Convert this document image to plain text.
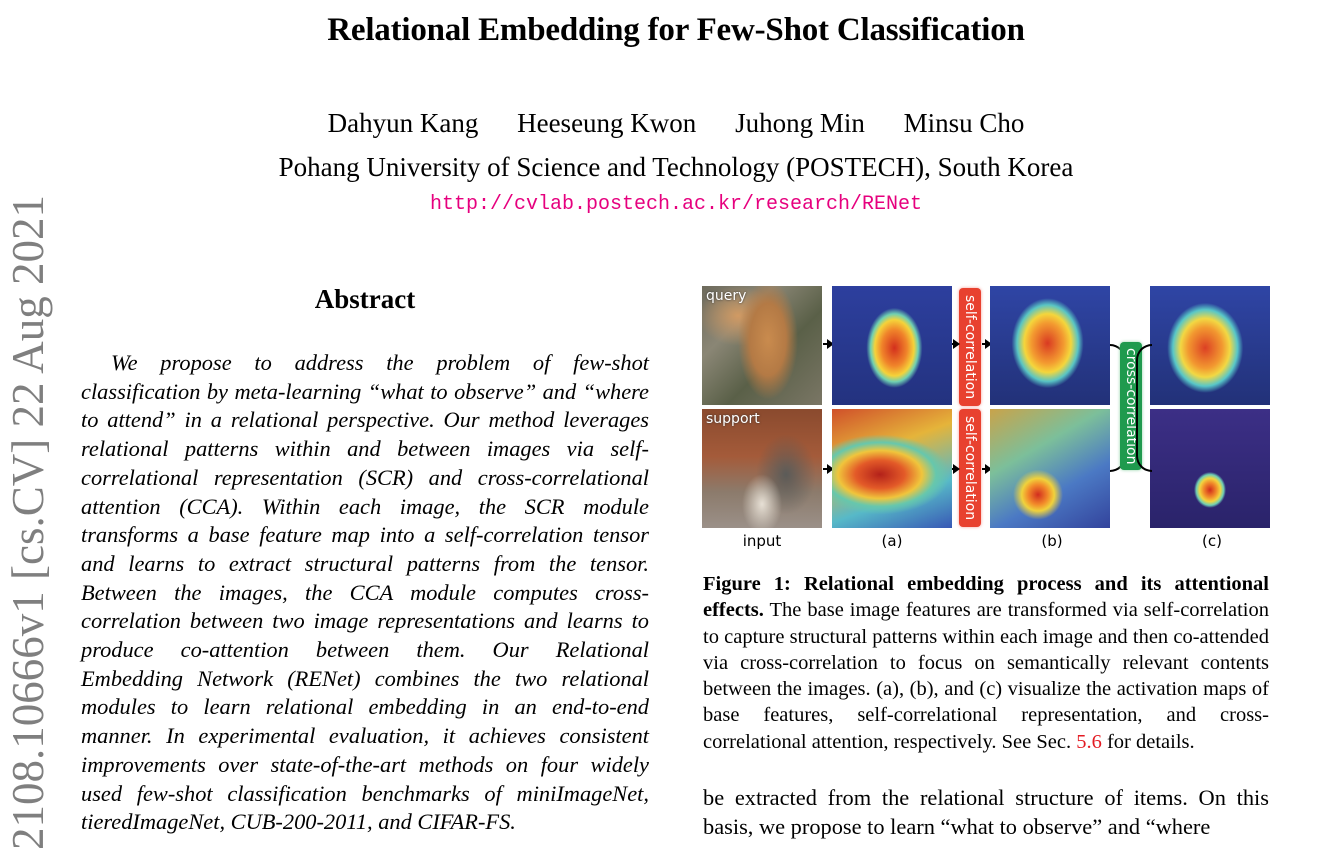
Relational Embedding for Few-Shot Classification
Dahyun Kang Heeseung Kwon Juhong Min Minsu Cho
Pohang University of Science and Technology (POSTECH), South Korea
http://cvlab.postech.ac.kr/research/RENet
2108.10666v1 [cs.CV] 22 Aug 2021	Abstract
We propose to address the problem of few-shot classification by meta-learning “what to observe” and “where to attend” in a relational perspective. Our method leverages relational patterns within and between images via self-correlational representation (SCR) and cross-correlational attention (CCA). Within each image, the SCR module transforms a base feature map into a self-correlation tensor and learns to extract structural patterns from the tensor. Between the images, the CCA module computes cross-correlation between two image representations and learns to produce co-attention between them. Our Relational Embedding Network (RENet) combines the two relational modules to learn relational embedding in an end-to-end manner. In experimental evaluation, it achieves consistent improvements over state-of-the-art methods on four widely used few-shot classification benchmarks of miniImageNet, tieredImageNet, CUB-200-2011, and CIFAR-FS.
query	self-correlation
support	self-correlation
cross-correlation
input	(a)	(b)	(c)
Figure 1: Relational embedding process and its attentional effects. The base image features are transformed via self-correlation to capture structural patterns within each image and then co-attended via cross-correlation to focus on semantically relevant contents between the images. (a), (b), and (c) visualize the activation maps of base features, self-correlational representation, and cross-correlational attention, respectively. See Sec. 5.6 for details.
be extracted from the relational structure of items. On this basis, we propose to learn “what to observe” and “where
